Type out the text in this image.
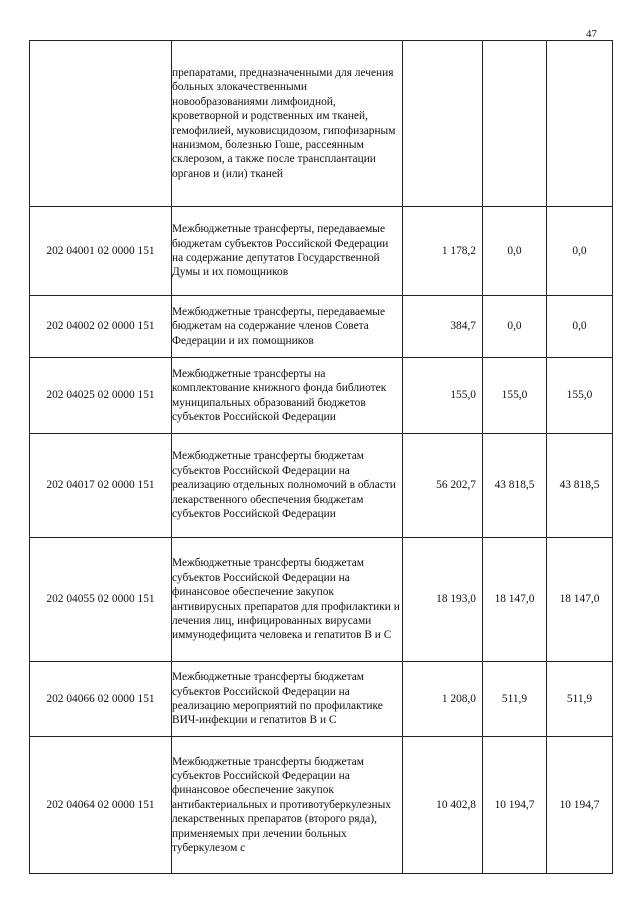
47
	препаратами, предназначенными для лечения больных злокачественными новообразованиями лимфоидной, кроветворной и родственных им тканей, гемофилией, муковисцидозом, гипофизарным нанизмом, болезнью Гоше, рассеянным склерозом, а также после трансплантации органов и (или) тканей			
202 04001 02 0000 151	Межбюджетные трансферты, передаваемые бюджетам субъектов Российской Федерации на содержание депутатов Государственной Думы и их помощников	1 178,2	0,0	0,0
202 04002 02 0000 151	Межбюджетные трансферты, передаваемые бюджетам на содержание членов Совета Федерации и их помощников	384,7	0,0	0,0
202 04025 02 0000 151	Межбюджетные трансферты на комплектование книжного фонда библиотек муниципальных образований бюджетов субъектов Российской Федерации	155,0	155,0	155,0
202 04017 02 0000 151	Межбюджетные трансферты бюджетам субъектов Российской Федерации на реализацию отдельных полномочий в области лекарственного обеспечения бюджетам субъектов Российской Федерации	56 202,7	43 818,5	43 818,5
202 04055 02 0000 151	Межбюджетные трансферты бюджетам субъектов Российской Федерации на финансовое обеспечение закупок антивирусных препаратов для профилактики и лечения лиц, инфицированных вирусами иммунодефицита человека и гепатитов В и С	18 193,0	18 147,0	18 147,0
202 04066 02 0000 151	Межбюджетные трансферты бюджетам субъектов Российской Федерации на реализацию мероприятий по профилактике ВИЧ-инфекции и гепатитов В и С	1 208,0	511,9	511,9
202 04064 02 0000 151	Межбюджетные трансферты бюджетам субъектов Российской Федерации на финансовое обеспечение закупок антибактериальных и противотуберкулезных лекарственных препаратов (второго ряда), применяемых при лечении больных туберкулезом с	10 402,8	10 194,7	10 194,7
